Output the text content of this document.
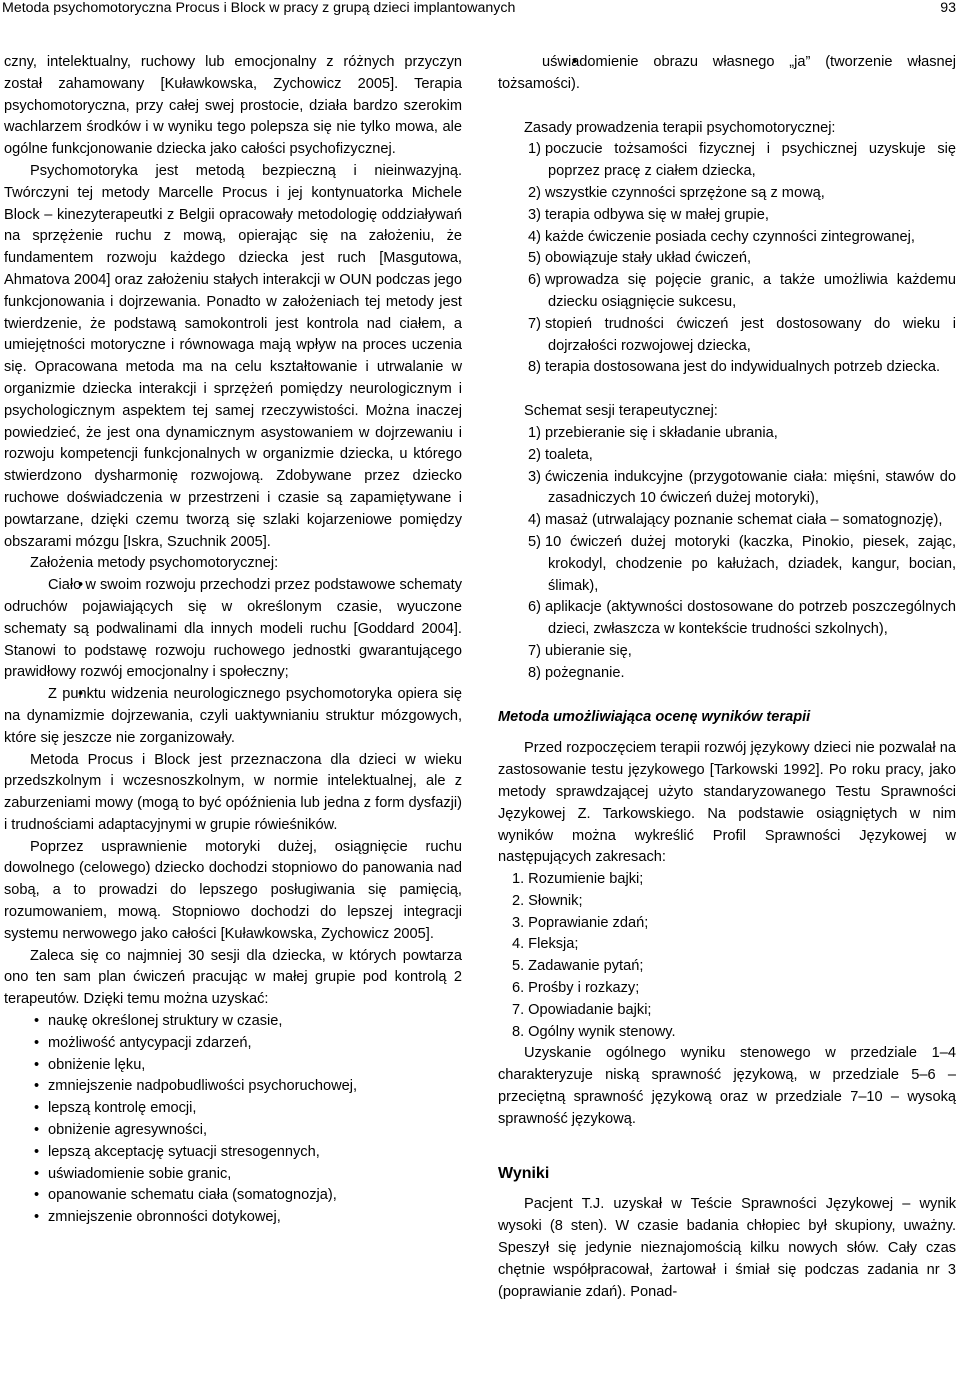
Metoda psychomotoryczna Procus i Block w pracy z grupą dzieci implantowanych	93

czny, intelektualny, ruchowy lub emocjonalny z różnych przyczyn został zahamowany [Kuławkowska, Zychowicz 2005]. Terapia psychomotoryczna, przy całej swej prostocie, działa bardzo szerokim wachlarzem środków i w wyniku tego polepsza się nie tylko mowa, ale ogólne funkcjonowanie dziecka jako całości psychofizycznej.

Psychomotoryka jest metodą bezpieczną i nieinwazyjną. Twórczyni tej metody Marcelle Procus i jej kontynuatorka Michele Block – kinezyterapeutki z Belgii opracowały metodologię oddziaływań na sprzężenie ruchu z mową, opierając się na założeniu, że fundamentem rozwoju każdego dziecka jest ruch [Masgutowa, Ahmatova 2004] oraz założeniu stałych interakcji w OUN podczas jego funkcjonowania i dojrzewania. Ponadto w założeniach tej metody jest twierdzenie, że podstawą samokontroli jest kontrola nad ciałem, a umiejętności motoryczne i równowaga mają wpływ na proces uczenia się. Opracowana metoda ma na celu kształtowanie i utrwalanie w organizmie dziecka interakcji i sprzężeń pomiędzy neurologicznym i psychologicznym aspektem tej samej rzeczywistości. Można inaczej powiedzieć, że jest ona dynamicznym asystowaniem w dojrzewaniu i rozwoju kompetencji funkcjonalnych w organizmie dziecka, u którego stwierdzono dysharmonię rozwojową. Zdobywane przez dziecko ruchowe doświadczenia w przestrzeni i czasie są zapamiętywane i powtarzane, dzięki czemu tworzą się szlaki kojarzeniowe pomiędzy obszarami mózgu [Iskra, Szuchnik 2005].

Założenia metody psychomotorycznej:

• Ciało w swoim rozwoju przechodzi przez podstawowe schematy odruchów pojawiających się w określonym czasie, wyuczone schematy są podwalinami dla innych modeli ruchu [Goddard 2004]. Stanowi to podstawę rozwoju ruchowego jednostki gwarantującego prawidłowy rozwój emocjonalny i społeczny;
• Z punktu widzenia neurologicznego psychomotoryka opiera się na dynamizmie dojrzewania, czyli uaktywnianiu struktur mózgowych, które się jeszcze nie zorganizowały.

Metoda Procus i Block jest przeznaczona dla dzieci w wieku przedszkolnym i wczesnoszkolnym, w normie intelektualnej, ale z zaburzeniami mowy (mogą to być opóźnienia lub jedna z form dysfazji) i trudnościami adaptacyjnymi w grupie rówieśników.

Poprzez usprawnienie motoryki dużej, osiągnięcie ruchu dowolnego (celowego) dziecko dochodzi stopniowo do panowania nad sobą, a to prowadzi do lepszego posługiwania się pamięcią, rozumowaniem, mową. Stopniowo dochodzi do lepszej integracji systemu nerwowego jako całości [Kuławkowska, Zychowicz 2005].

Zaleca się co najmniej 30 sesji dla dziecka, w których powtarza ono ten sam plan ćwiczeń pracując w małej grupie pod kontrolą 2 terapeutów. Dzięki temu można uzyskać:

• naukę określonej struktury w czasie,
• możliwość antycypacji zdarzeń,
• obniżenie lęku,
• zmniejszenie nadpobudliwości psychoruchowej,
• lepszą kontrolę emocji,
• obniżenie agresywności,
• lepszą akceptację sytuacji stresogennych,
• uświadomienie sobie granic,
• opanowanie schematu ciała (somatognozja),
• zmniejszenie obronności dotykowej,
• uświadomienie obrazu własnego „ja” (tworzenie własnej tożsamości).

Zasady prowadzenia terapii psychomotorycznej:

1) poczucie tożsamości fizycznej i psychicznej uzyskuje się poprzez pracę z ciałem dziecka,
2) wszystkie czynności sprzężone są z mową,
3) terapia odbywa się w małej grupie,
4) każde ćwiczenie posiada cechy czynności zintegrowanej,
5) obowiązuje stały układ ćwiczeń,
6) wprowadza się pojęcie granic, a także umożliwia każdemu dziecku osiągnięcie sukcesu,
7) stopień trudności ćwiczeń jest dostosowany do wieku i dojrzałości rozwojowej dziecka,
8) terapia dostosowana jest do indywidualnych potrzeb dziecka.

Schemat sesji terapeutycznej:

1) przebieranie się i składanie ubrania,
2) toaleta,
3) ćwiczenia indukcyjne (przygotowanie ciała: mięśni, stawów do zasadniczych 10 ćwiczeń dużej motoryki),
4) masaż (utrwalający poznanie schemat ciała – somatognozję),
5) 10 ćwiczeń dużej motoryki (kaczka, Pinokio, piesek, zając, krokodyl, chodzenie po kałużach, dziadek, kangur, bocian, ślimak),
6) aplikacje (aktywności dostosowane do potrzeb poszczególnych dzieci, zwłaszcza w kontekście trudności szkolnych),
7) ubieranie się,
8) pożegnanie.

Metoda umożliwiająca ocenę wyników terapii

Przed rozpoczęciem terapii rozwój językowy dzieci nie pozwalał na zastosowanie testu językowego [Tarkowski 1992]. Po roku pracy, jako metody sprawdzającej użyto standaryzowanego Testu Sprawności Językowej Z. Tarkowskiego. Na podstawie osiągniętych w nim wyników można wykreślić Profil Sprawności Językowej w następujących zakresach:

1. Rozumienie bajki;
2. Słownik;
3. Poprawianie zdań;
4. Fleksja;
5. Zadawanie pytań;
6. Prośby i rozkazy;
7. Opowiadanie bajki;
8. Ogólny wynik stenowy.

Uzyskanie ogólnego wyniku stenowego w przedziale 1–4 charakteryzuje niską sprawność językową, w przedziale 5–6 – przeciętną sprawność językową oraz w przedziale 7–10 – wysoką sprawność językową.

Wyniki

Pacjent T.J. uzyskał w Teście Sprawności Językowej – wynik wysoki (8 sten). W czasie badania chłopiec był skupiony, uważny. Speszył się jedynie nieznajomością kilku nowych słów. Cały czas chętnie współpracował, żartował i śmiał się podczas zadania nr 3 (poprawianie zdań). Ponad-
